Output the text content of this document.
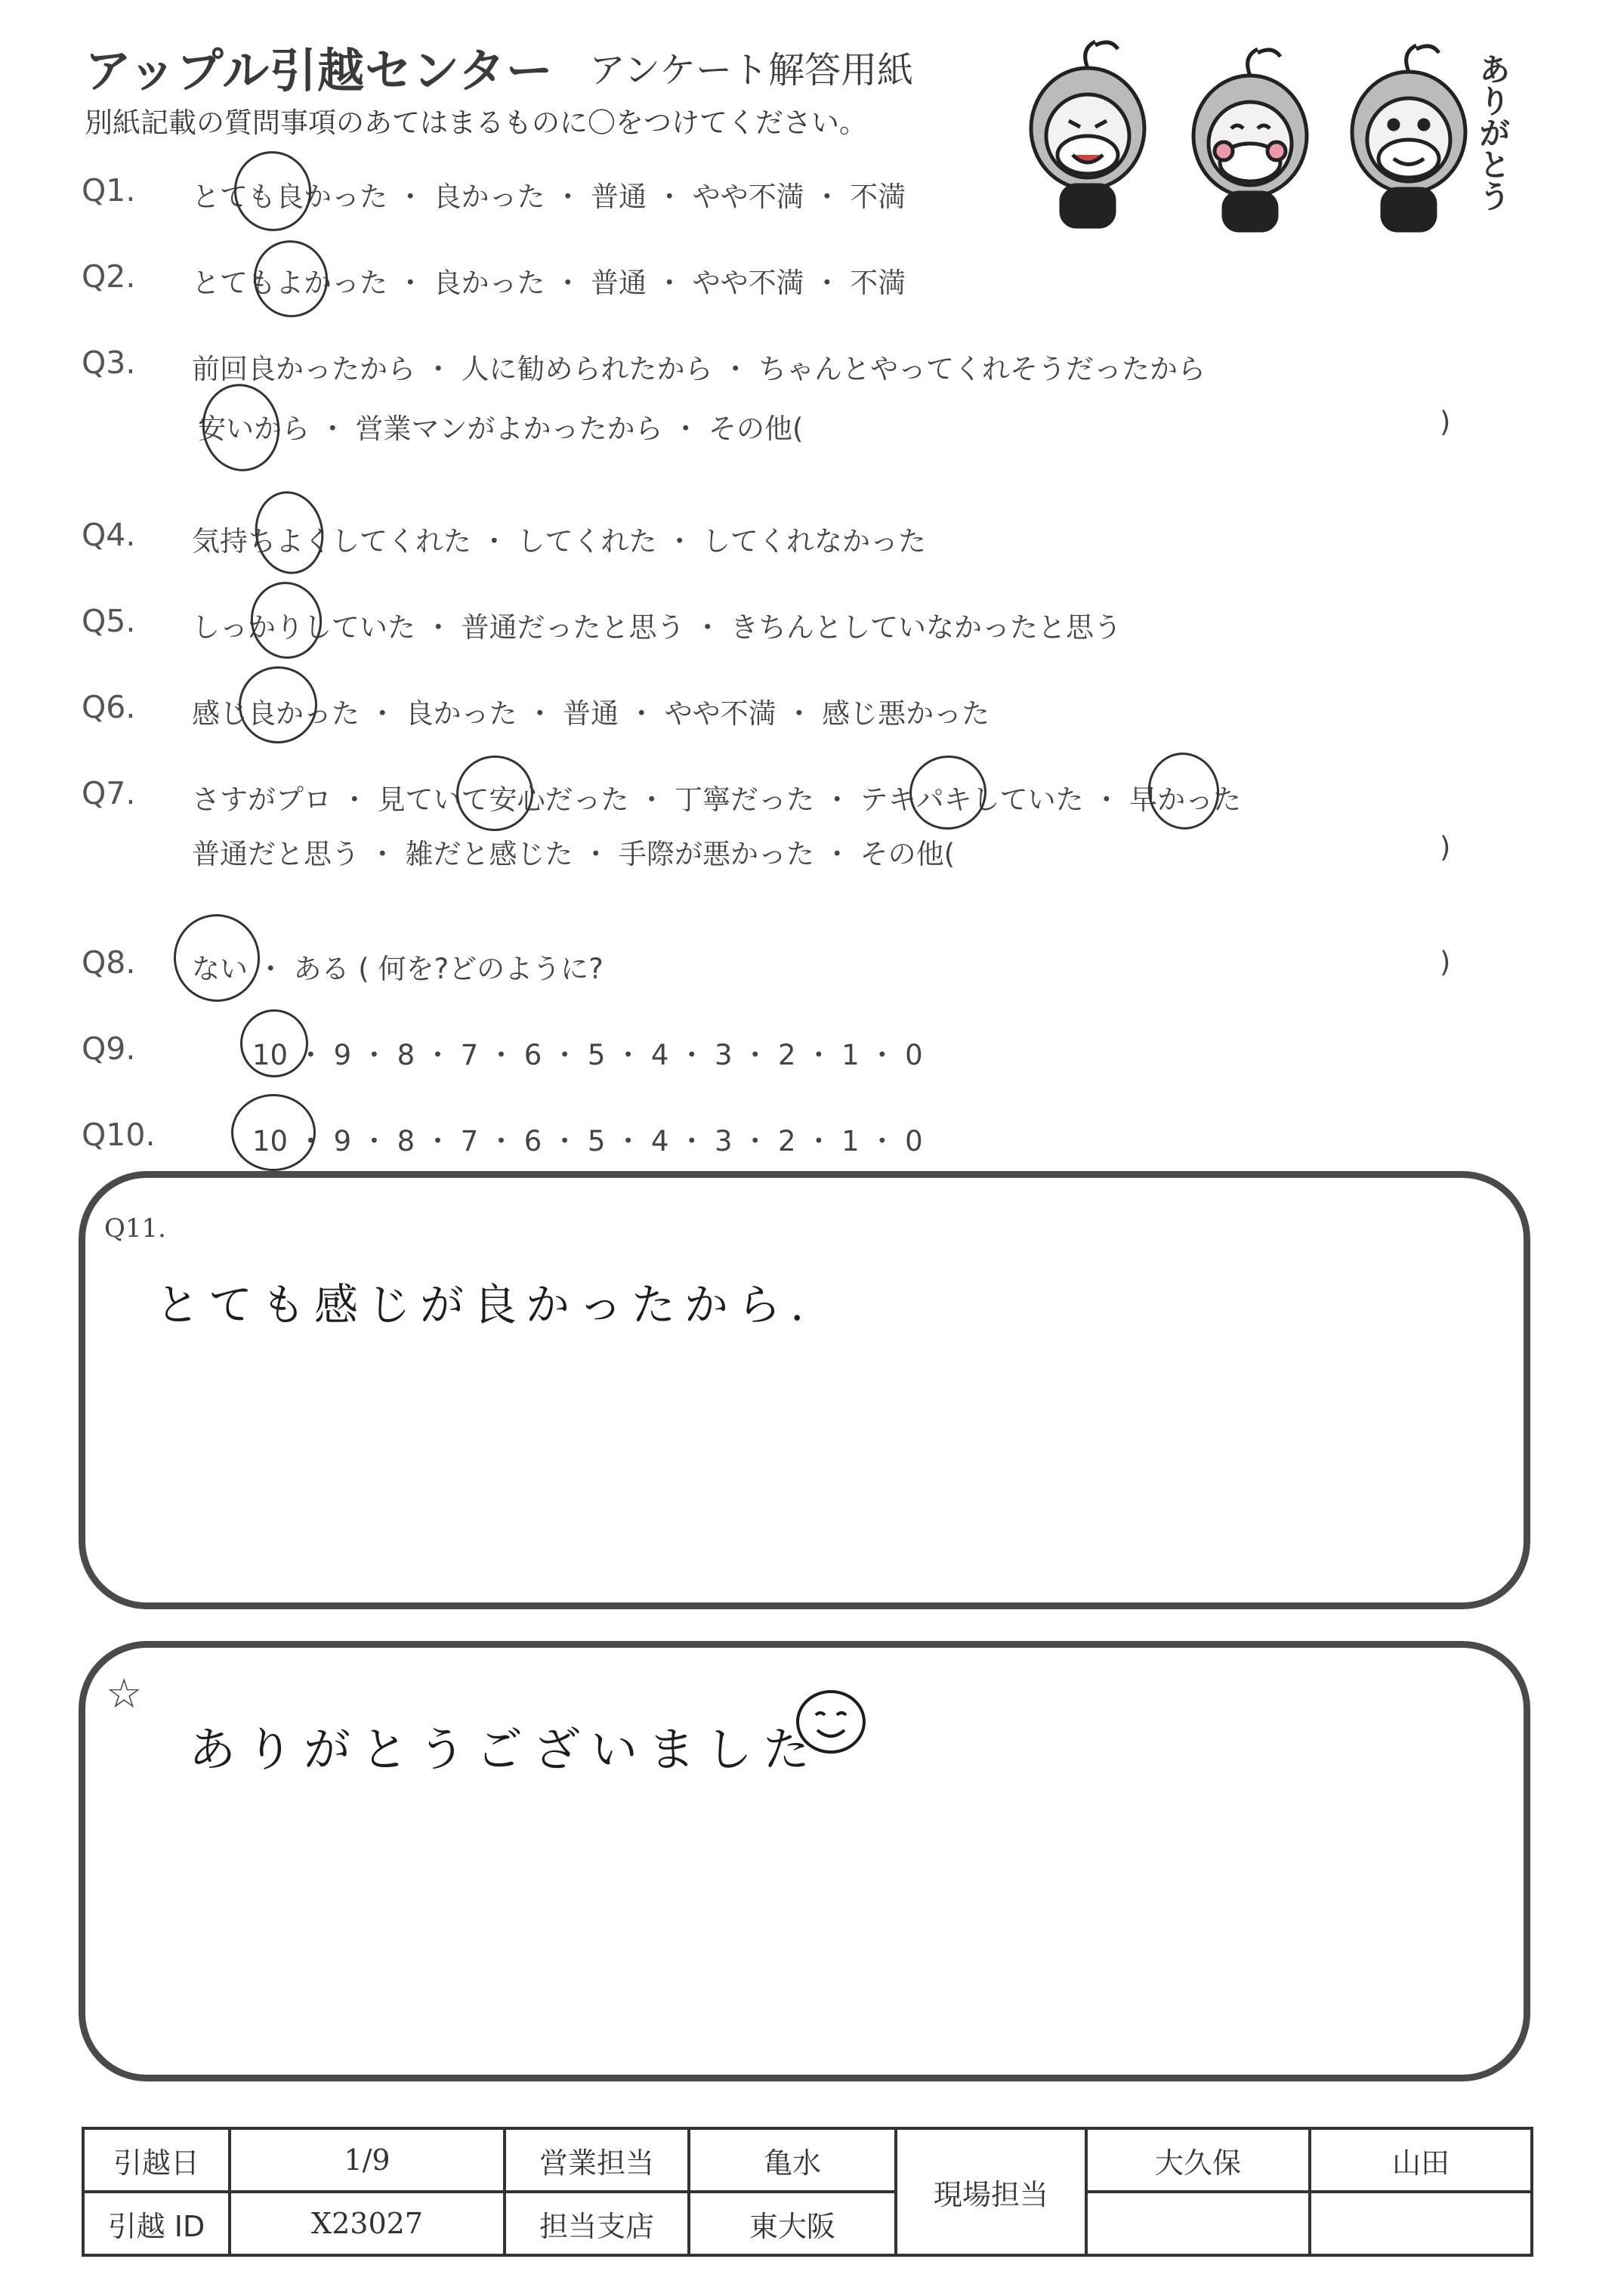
アップル引越センター アンケート解答用紙
別紙記載の質問事項のあてはまるものに〇をつけてください。	ありがとう
Q1. とても良かった ・ 良かった ・ 普通 ・ やや不満 ・ 不満
Q2. とてもよかった ・ 良かった ・ 普通 ・ やや不満 ・ 不満
Q3. 前回良かったから ・ 人に勧められたから ・ ちゃんとやってくれそうだったから
安いから ・ 営業マンがよかったから ・ その他(	)
Q4. 気持ちよくしてくれた ・ してくれた ・ してくれなかった
Q5. しっかりしていた ・ 普通だったと思う ・ きちんとしていなかったと思う
Q6. 感じ良かった ・ 良かった ・ 普通 ・ やや不満 ・ 感じ悪かった
Q7. さすがプロ ・ 見ていて安心だった ・ 丁寧だった ・ テキパキしていた ・ 早かった
普通だと思う ・ 雑だと感じた ・ 手際が悪かった ・ その他(	)
Q8. ない ・ ある ( 何を?どのように?	)
Q9.	10 ・ 9 ・ 8 ・ 7 ・ 6 ・ 5 ・ 4 ・ 3 ・ 2 ・ 1 ・ 0
Q10.	10 ・ 9 ・ 8 ・ 7 ・ 6 ・ 5 ・ 4 ・ 3 ・ 2 ・ 1 ・ 0
Q11.
とても感じが良かったから.
☆
ありがとうございました
引越日	1/9	営業担当	亀水	現場担当	大久保	山田
引越 ID	X23027	担当支店	東大阪			
